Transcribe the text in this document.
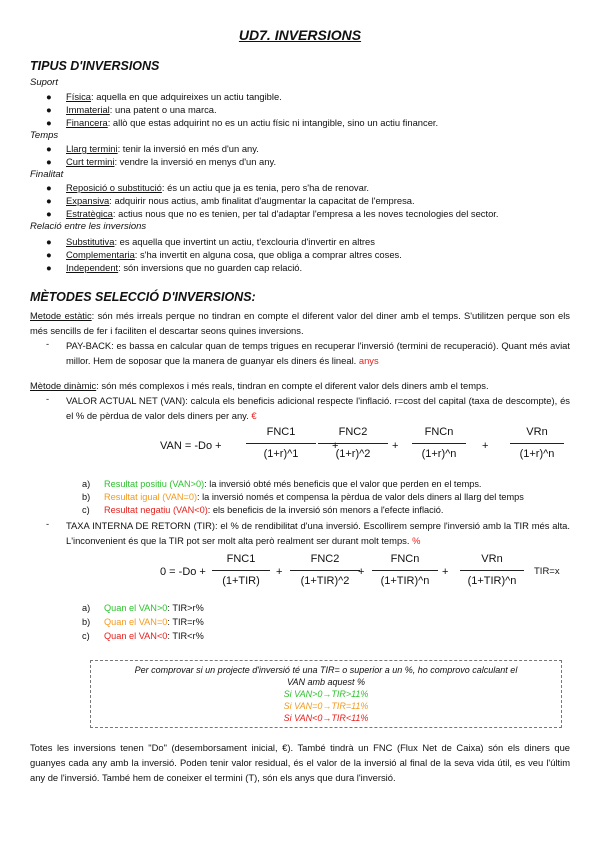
UD7. INVERSIONS
TIPUS D'INVERSIONS
Suport
● Física: aquella en que adquireixes un actiu tangible.
● Immaterial: una patent o una marca.
● Financera: allò que estas adquirint no es un actiu físic ni intangible, sino un actiu financer.
Temps
● Llarg termini: tenir la inversió en més d'un any.
● Curt termini: vendre la inversió en menys d'un any.
Finalitat
● Reposició o substitució: és un actiu que ja es tenia, pero s'ha de renovar.
● Expansiva: adquirir nous actius, amb finalitat d'augmentar la capacitat de l'empresa.
● Estratègica: actius nous que no es tenien, per tal d'adaptar l'empresa a les noves tecnologies del sector.
Relació entre les inversions
● Substitutiva: es aquella que invertint un actiu, t'exclouria d'invertir en altres
● Complementaria: s'ha invertit en alguna cosa, que obliga a comprar altres coses.
● Independent: són inversions que no guarden cap relació.
MÈTODES SELECCIÓ D'INVERSIONS:
Metode estàtic: són més irreals perque no tindran en compte el diferent valor del diner amb el temps. S'utilitzen perque son els més sencills de fer i faciliten el descartar seons quines inversions.
- PAY-BACK: es bassa en calcular quan de temps trigues en recuperar l'inversió (termini de recuperació). Quant més aviat millor. Hem de soposar que la manera de guanyar els diners és lineal. anys
Mètode dinàmic: són més complexos i més reals, tindran en compte el diferent valor dels diners amb el temps.
- VALOR ACTUAL NET (VAN): calcula els beneficis adicional respecte l'inflació. r=cost del capital (taxa de descompte), és el % de pèrdua de valor dels diners per any. €
VAN = -Do +
FNC1
(1+r)^1
+
FNC2
(1+r)^2
+
FNCn
(1+r)^n
+
VRn
(1+r)^n
a) Resultat positiu (VAN>0): la inversió obté més beneficis que el valor que perden en el temps.
b) Resultat igual (VAN=0): la inversió només et compensa la pèrdua de valor dels diners al llarg del temps
c) Resultat negatiu (VAN<0): els beneficis de la inversió són menors a l'efecte inflació.
- TAXA INTERNA DE RETORN (TIR): el % de rendibilitat d'una inversió. Escollirem sempre l'inversió amb la TIR més alta. L'inconvenient és que la TIR pot ser molt alta però realment ser durant molt temps. %
0 = -Do +
FNC1
(1+TIR)
+
FNC2
(1+TIR)^2
+
FNCn
(1+TIR)^n
+
VRn
(1+TIR)^n
TIR=x
a) Quan el VAN>0: TIR>r%
b) Quan el VAN=0: TIR=r%
c) Quan el VAN<0: TIR<r%
Per comprovar si un projecte d'inversió té una TIR= o superior a un %, ho comprovo calculant el
VAN amb aquest %
Si VAN>0→TIR>11%
Si VAN=0→TIR=11%
Si VAN<0→TIR<11%
Totes les inversions tenen "Do" (desemborsament inicial, €). També tindrà un FNC (Flux Net de Caixa) són els diners que guanyes cada any amb la inversió. Poden tenir valor residual, és el valor de la inversió al final de la seva vida útil, es veu l'últim any de l'inversió. També hem de coneixer el termini (T), són els anys que dura l'inversió.
